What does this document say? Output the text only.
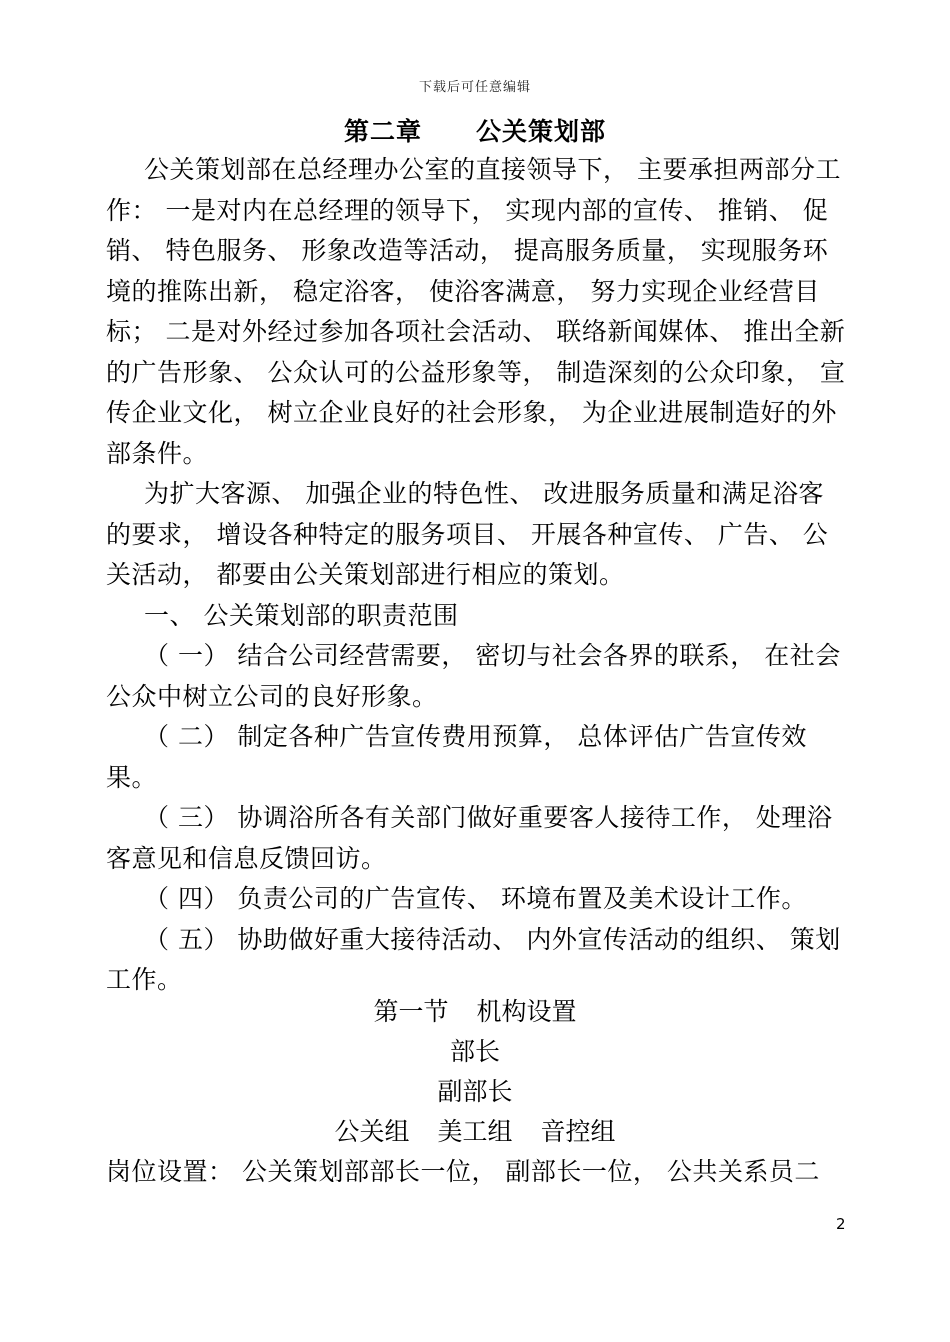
下载后可任意编辑
第二章 公关策划部

公关策划部在总经理办公室的直接领导下， 主要承担两部分工作： 一是对内在总经理的领导下， 实现内部的宣传、 推销、 促销、 特色服务、 形象改造等活动， 提高服务质量， 实现服务环境的推陈出新， 稳定浴客， 使浴客满意， 努力实现企业经营目标； 二是对外经过参加各项社会活动、 联络新闻媒体、 推出全新的广告形象、 公众认可的公益形象等， 制造深刻的公众印象， 宣传企业文化， 树立企业良好的社会形象， 为企业进展制造好的外部条件。

为扩大客源、 加强企业的特色性、 改进服务质量和满足浴客的要求， 增设各种特定的服务项目、 开展各种宣传、 广告、 公关活动， 都要由公关策划部进行相应的策划。

一、 公关策划部的职责范围

（ 一） 结合公司经营需要， 密切与社会各界的联系， 在社会公众中树立公司的良好形象。

（ 二） 制定各种广告宣传费用预算， 总体评估广告宣传效果。

（ 三） 协调浴所各有关部门做好重要客人接待工作， 处理浴客意见和信息反馈回访。

（ 四） 负责公司的广告宣传、 环境布置及美术设计工作。

（ 五） 协助做好重大接待活动、 内外宣传活动的组织、 策划工作。

第一节 机构设置
部长
副部长
公关组 美工组 音控组
岗位设置： 公关策划部部长一位， 副部长一位， 公共关系员二
2
